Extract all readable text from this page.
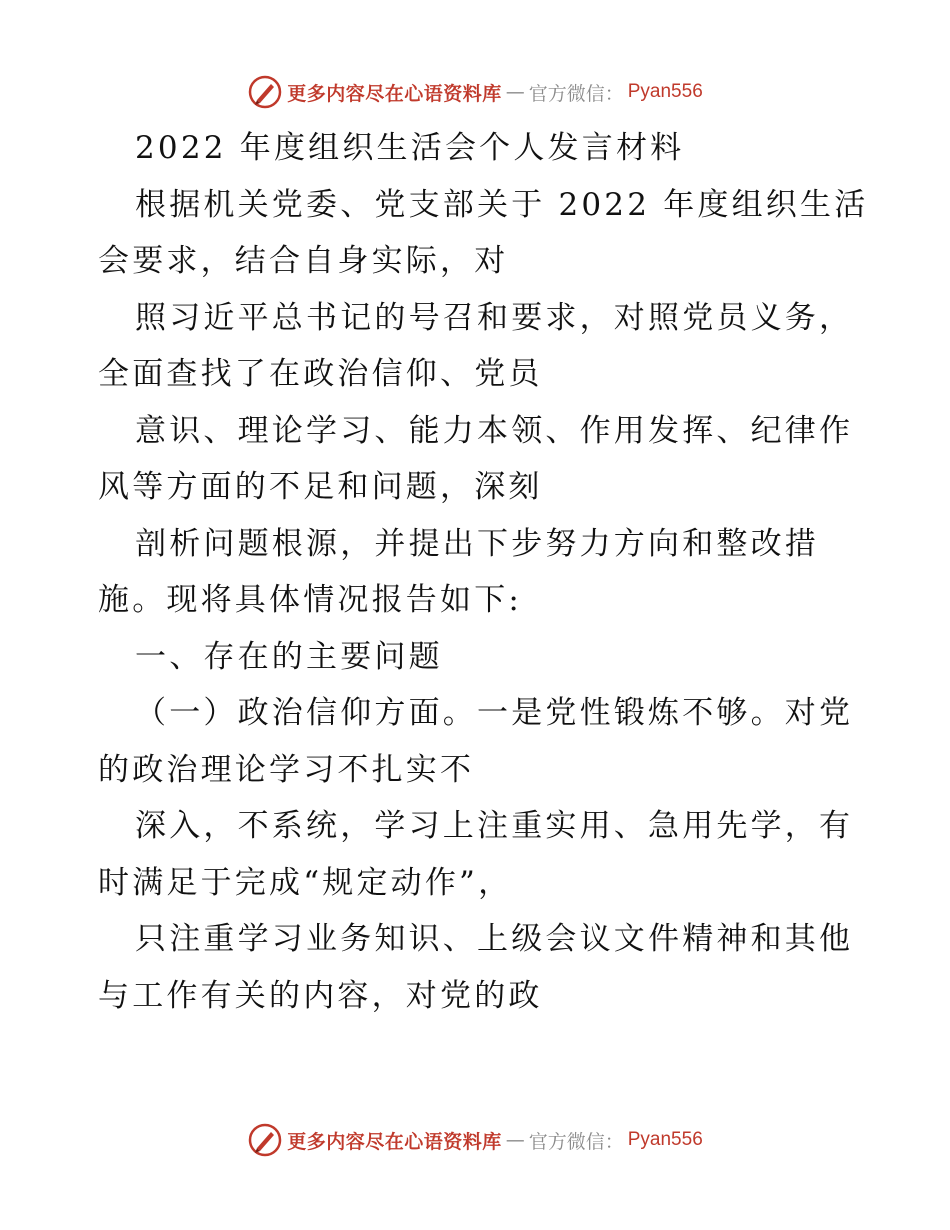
更多内容尽在心语资料库 — 官方微信： Pyan556
2022 年度组织生活会个人发言材料
根据机关党委、党支部关于 2022 年度组织生活
会要求，结合自身实际，对
照习近平总书记的号召和要求，对照党员义务，
全面查找了在政治信仰、党员
意识、理论学习、能力本领、作用发挥、纪律作
风等方面的不足和问题，深刻
剖析问题根源，并提出下步努力方向和整改措
施。现将具体情况报告如下:
一、存在的主要问题
（一）政治信仰方面。一是党性锻炼不够。对党
的政治理论学习不扎实不
深入，不系统，学习上注重实用、急用先学，有
时满足于完成“规定动作”，
只注重学习业务知识、上级会议文件精神和其他
与工作有关的内容，对党的政
更多内容尽在心语资料库 — 官方微信： Pyan556
